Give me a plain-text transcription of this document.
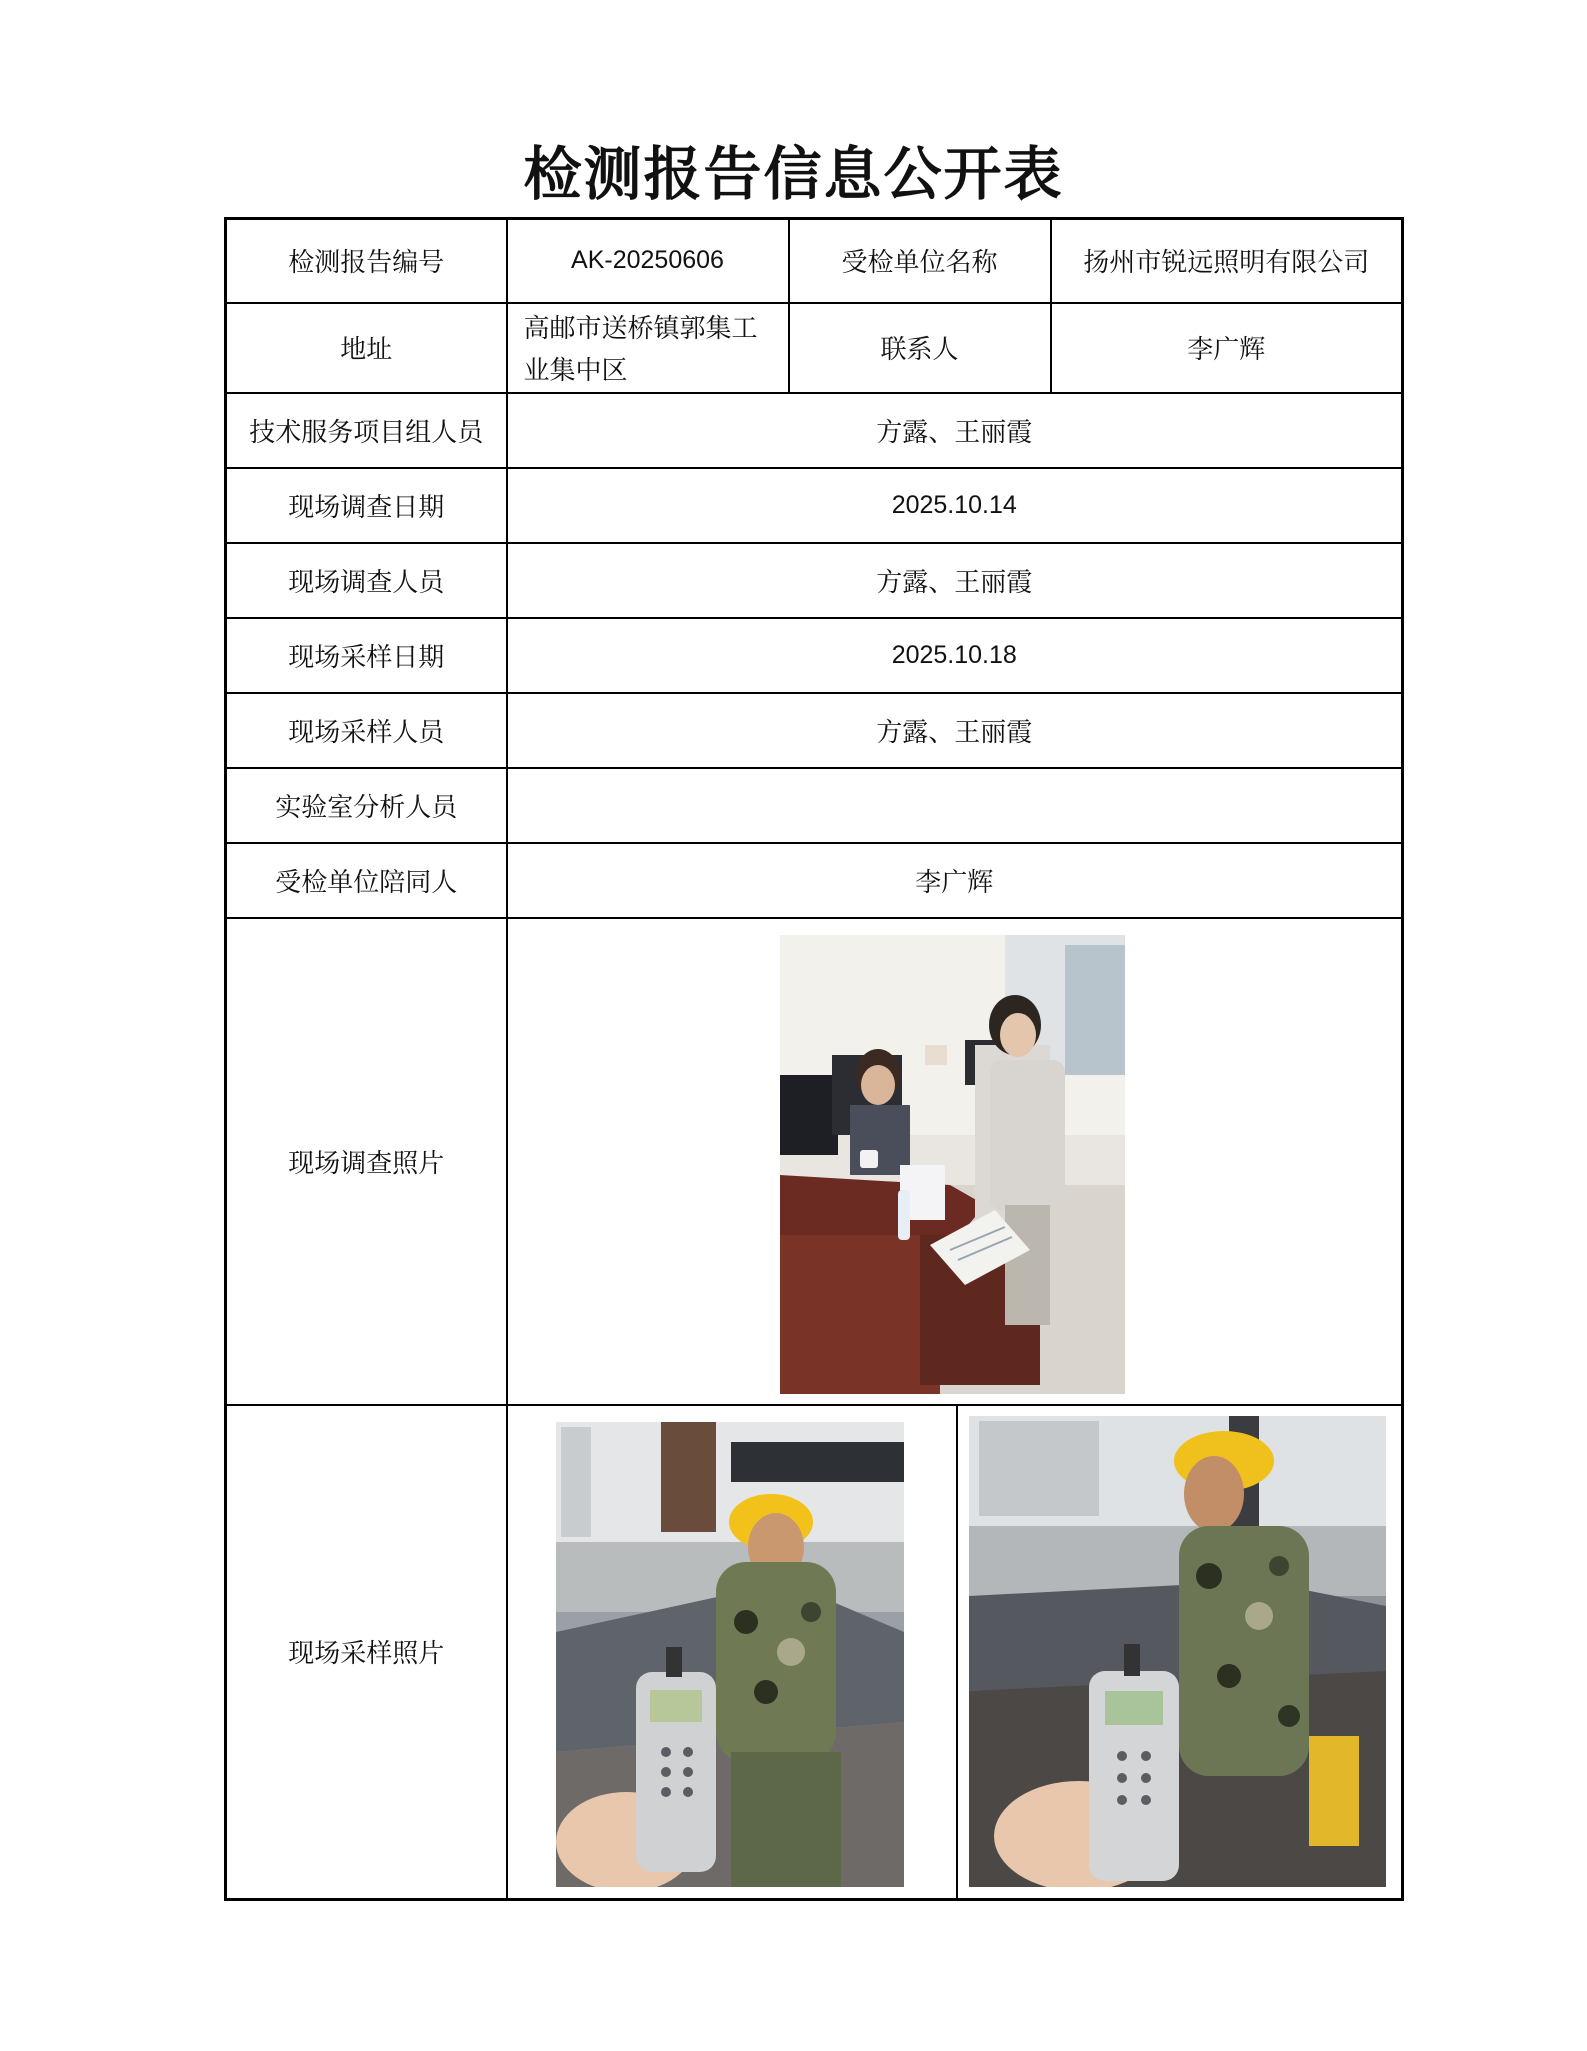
检测报告信息公开表
检测报告编号	AK-20250606	受检单位名称	扬州市锐远照明有限公司
地址	高邮市送桥镇郭集工业集中区	联系人	李广辉
技术服务项目组人员	方露、王丽霞		
现场调查日期	2025.10.14		
现场调查人员	方露、王丽霞		
现场采样日期	2025.10.18		
现场采样人员	方露、王丽霞		
实验室分析人员			
受检单位陪同人	李广辉		
现场调查照片	

现场采样照片	
